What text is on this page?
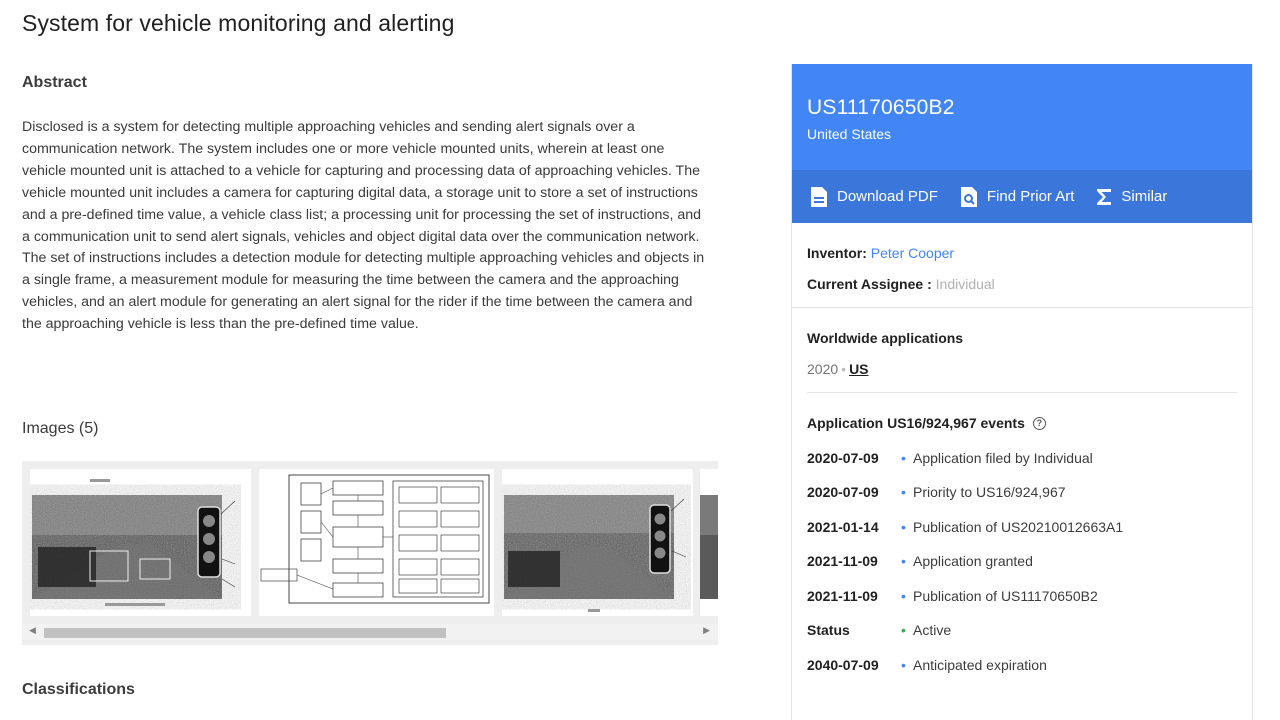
System for vehicle monitoring and alerting
Abstract

Disclosed is a system for detecting multiple approaching vehicles and sending alert signals over a communication network. The system includes one or more vehicle mounted units, wherein at least one vehicle mounted unit is attached to a vehicle for capturing and processing data of approaching vehicles. The vehicle mounted unit includes a camera for capturing digital data, a storage unit to store a set of instructions and a pre-defined time value, a vehicle class list; a processing unit for processing the set of instructions, and a communication unit to send alert signals, vehicles and object digital data over the communication network. The set of instructions includes a detection module for detecting multiple approaching vehicles and objects in a single frame, a measurement module for measuring the time between the camera and the approaching vehicles, and an alert module for generating an alert signal for the rider if the time between the camera and the approaching vehicle is less than the pre-defined time value.

Images (5)
◀	▶
Classifications
US11170650B2
United States
Download PDF	Find Prior Art	Similar
Inventor: Peter Cooper
Current Assignee : Individual
Worldwide applications
2020 • US
Application US16/924,967 events	?
2020-07-09	• Application filed by Individual
2020-07-09	• Priority to US16/924,967
2021-01-14	• Publication of US20210012663A1
2021-11-09	• Application granted
2021-11-09	• Publication of US11170650B2
Status	• Active
2040-07-09	• Anticipated expiration
